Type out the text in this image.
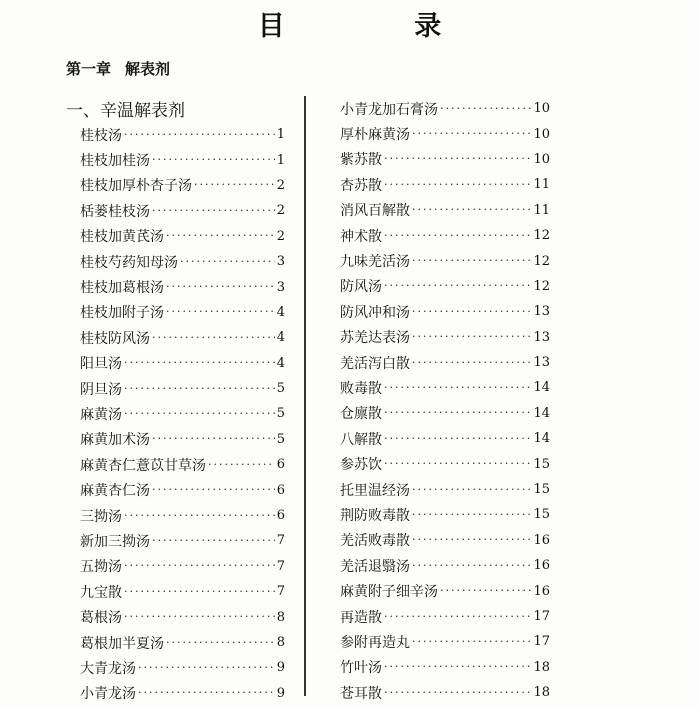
目 录
第一章 解表剂
一、辛温解表剂
桂枝汤 ·····	1
桂枝加桂汤 ·····	1
桂枝加厚朴杏子汤 ·····	2
栝蒌桂枝汤 ·····	2
桂枝加黄芪汤 ·····	2
桂枝芍药知母汤 ·····	3
桂枝加葛根汤 ·····	3
桂枝加附子汤 ·····	4
桂枝防风汤 ·····	4
阳旦汤 ·····	4
阴旦汤 ·····	5
麻黄汤 ·····	5
麻黄加术汤 ·····	5
麻黄杏仁薏苡甘草汤 ·····	6
麻黄杏仁汤 ·····	6
三拗汤 ·····	6
新加三拗汤 ·····	7
五拗汤 ·····	7
九宝散 ·····	7
葛根汤 ·····	8
葛根加半夏汤 ·····	8
大青龙汤 ·····	9
小青龙汤 ·····	9
小青龙加石膏汤 ·····	10
厚朴麻黄汤 ·····	10
紫苏散 ·····	10
杏苏散 ·····	11
消风百解散 ·····	11
神术散 ·····	12
九味羌活汤 ·····	12
防风汤 ·····	12
防风冲和汤 ·····	13
苏羌达表汤 ·····	13
羌活泻白散 ·····	13
败毒散 ·····	14
仓廪散 ·····	14
八解散 ·····	14
参苏饮 ·····	15
托里温经汤 ·····	15
荆防败毒散 ·····	15
羌活败毒散 ·····	16
羌活退翳汤 ·····	16
麻黄附子细辛汤 ·····	16
再造散 ·····	17
参附再造丸 ·····	17
竹叶汤 ·····	18
苍耳散 ·····	18
